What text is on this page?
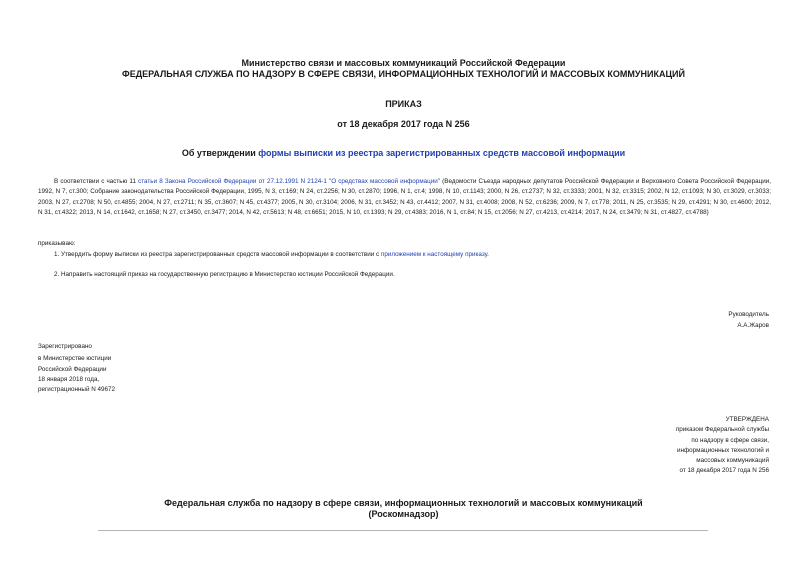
Министерство связи и массовых коммуникаций Российской Федерации
ФЕДЕРАЛЬНАЯ СЛУЖБА ПО НАДЗОРУ В СФЕРЕ СВЯЗИ, ИНФОРМАЦИОННЫХ ТЕХНОЛОГИЙ И МАССОВЫХ КОММУНИКАЦИЙ
ПРИКАЗ
от 18 декабря 2017 года N 256
Об утверждении формы выписки из реестра зарегистрированных средств массовой информации
В соответствии с частью 11 статьи 8 Закона Российской Федерации от 27.12.1991 N 2124-1 "О средствах массовой информации" (Ведомости Съезда народных депутатов Российской Федерации и Верховного Совета Российской Федерации, 1992, N 7, ст.300; Собрание законодательства Российской Федерации, 1995, N 3, ст.169; N 24, ст.2256; N 30, ст.2870; 1996, N 1, ст.4; 1998, N 10, ст.1143; 2000, N 26, ст.2737; N 32, ст.3333; 2001, N 32, ст.3315; 2002, N 12, ст.1093; N 30, ст.3029, ст.3033; 2003, N 27, ст.2708; N 50, ст.4855; 2004, N 27, ст.2711; N 35, ст.3607; N 45, ст.4377; 2005, N 30, ст.3104; 2006, N 31, ст.3452; N 43, ст.4412; 2007, N 31, ст.4008; 2008, N 52, ст.6236; 2009, N 7, ст.778; 2011, N 25, ст.3535; N 29, ст.4291; N 30, ст.4600; 2012, N 31, ст.4322; 2013, N 14, ст.1642, ст.1658; N 27, ст.3450, ст.3477; 2014, N 42, ст.5613; N 48, ст.6651; 2015, N 10, ст.1393; N 29, ст.4383; 2016, N 1, ст.84; N 15, ст.2056; N 27, ст.4213, ст.4214; 2017, N 24, ст.3479; N 31, ст.4827, ст.4788)
приказываю:
1. Утвердить форму выписки из реестра зарегистрированных средств массовой информации в соответствии с приложением к настоящему приказу.
2. Направить настоящий приказ на государственную регистрацию в Министерство юстиции Российской Федерации.
Руководитель
А.А.Жаров
Зарегистрировано
в Министерстве юстиции
Российской Федерации
18 января 2018 года,
регистрационный N 49672
УТВЕРЖДЕНА
приказом Федеральной службы
по надзору в сфере связи,
информационных технологий и
массовых коммуникаций
от 18 декабря 2017 года N 256
Федеральная служба по надзору в сфере связи, информационных технологий и массовых коммуникаций
(Роскомнадзор)
